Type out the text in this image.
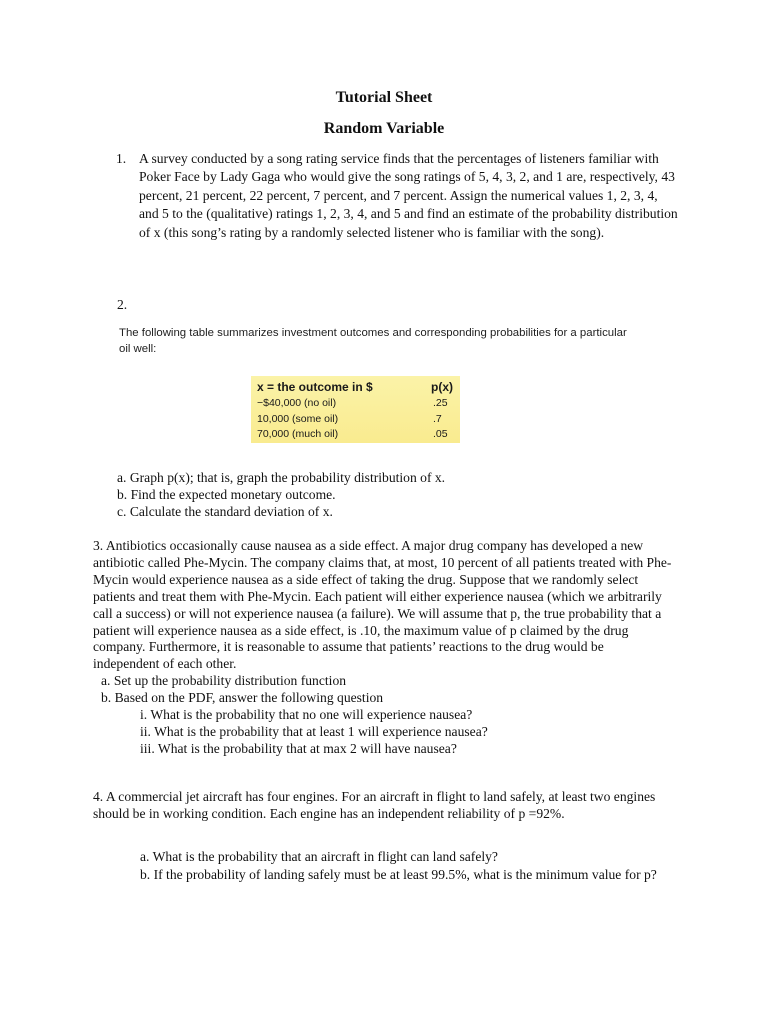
Tutorial Sheet
Random Variable
1. A survey conducted by a song rating service finds that the percentages of listeners familiar with Poker Face by Lady Gaga who would give the song ratings of 5, 4, 3, 2, and 1 are, respectively, 43 percent, 21 percent, 22 percent, 7 percent, and 7 percent. Assign the numerical values 1, 2, 3, 4, and 5 to the (qualitative) ratings 1, 2, 3, 4, and 5 and find an estimate of the probability distribution of x (this song’s rating by a randomly selected listener who is familiar with the song).
2.
The following table summarizes investment outcomes and corresponding probabilities for a particular oil well:
x = the outcome in $	p(x)
−$40,000 (no oil)	.25
10,000 (some oil)	.7
70,000 (much oil)	.05
a. Graph p(x); that is, graph the probability distribution of x.
b. Find the expected monetary outcome.
c. Calculate the standard deviation of x.
3. Antibiotics occasionally cause nausea as a side effect. A major drug company has developed a new antibiotic called Phe-Mycin. The company claims that, at most, 10 percent of all patients treated with Phe-Mycin would experience nausea as a side effect of taking the drug. Suppose that we randomly select patients and treat them with Phe-Mycin. Each patient will either experience nausea (which we arbitrarily call a success) or will not experience nausea (a failure). We will assume that p, the true probability that a patient will experience nausea as a side effect, is .10, the maximum value of p claimed by the drug company. Furthermore, it is reasonable to assume that patients’ reactions to the drug would be independent of each other.
a. Set up the probability distribution function
b. Based on the PDF, answer the following question
i. What is the probability that no one will experience nausea?
ii. What is the probability that at least 1 will experience nausea?
iii. What is the probability that at max 2 will have nausea?
4. A commercial jet aircraft has four engines. For an aircraft in flight to land safely, at least two engines should be in working condition. Each engine has an independent reliability of p =92%.
a. What is the probability that an aircraft in flight can land safely?
b. If the probability of landing safely must be at least 99.5%, what is the minimum value for p?
